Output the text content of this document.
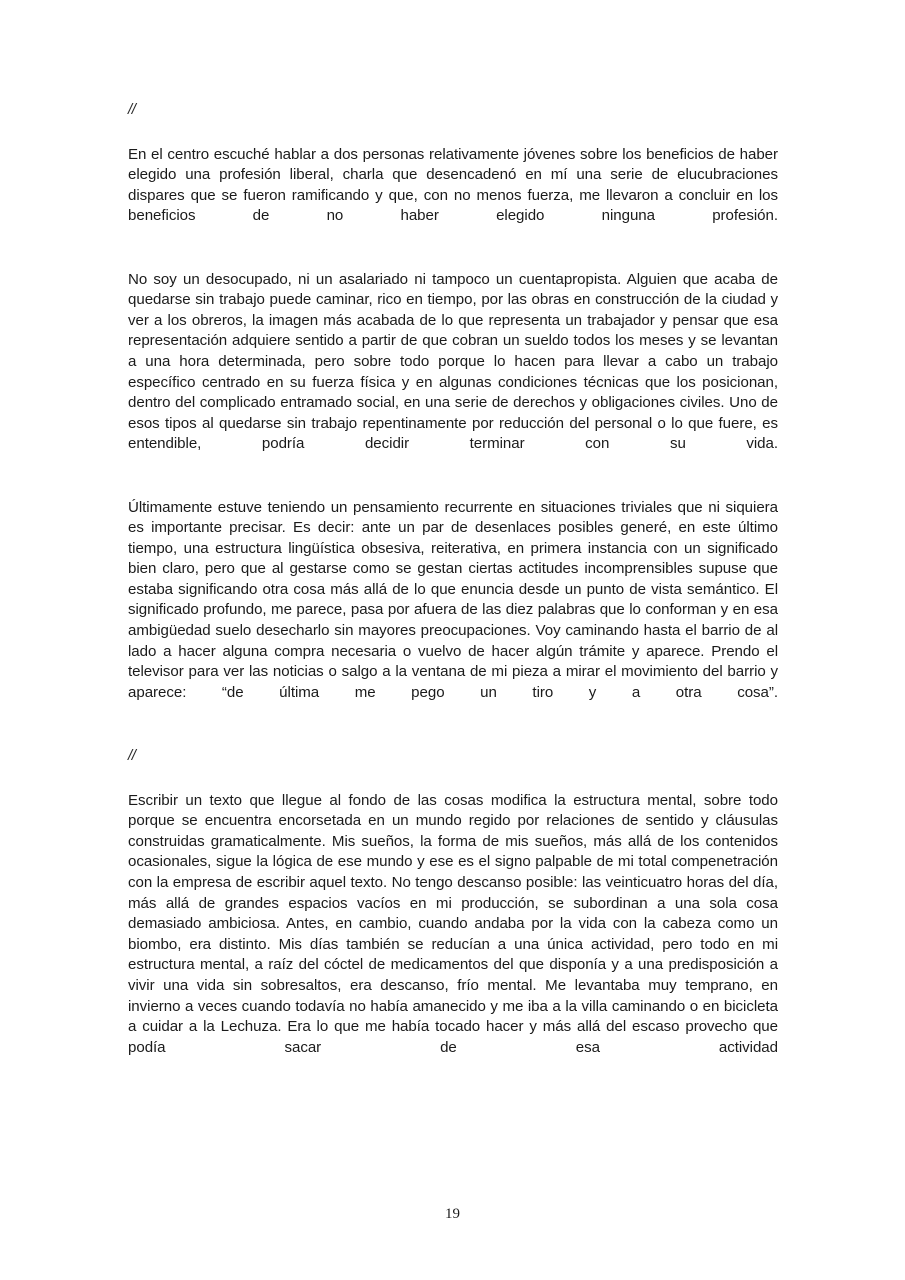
//

En el centro escuché hablar a dos personas relativamente jóvenes sobre los beneficios de haber elegido una profesión liberal, charla que desencadenó en mí una serie de elucubraciones dispares que se fueron ramificando y que, con no menos fuerza, me llevaron a concluir en los beneficios de no haber elegido ninguna profesión.

No soy un desocupado, ni un asalariado ni tampoco un cuentapropista. Alguien que acaba de quedarse sin trabajo puede caminar, rico en tiempo, por las obras en construcción de la ciudad y ver a los obreros, la imagen más acabada de lo que representa un trabajador y pensar que esa representación adquiere sentido a partir de que cobran un sueldo todos los meses y se levantan a una hora determinada, pero sobre todo porque lo hacen para llevar a cabo un trabajo específico centrado en su fuerza física y en algunas condiciones técnicas que los posicionan, dentro del complicado entramado social, en una serie de derechos y obligaciones civiles. Uno de esos tipos al quedarse sin trabajo repentinamente por reducción del personal o lo que fuere, es entendible, podría decidir terminar con su vida.

Últimamente estuve teniendo un pensamiento recurrente en situaciones triviales que ni siquiera es importante precisar. Es decir: ante un par de desenlaces posibles generé, en este último tiempo, una estructura lingüística obsesiva, reiterativa, en primera instancia con un significado bien claro, pero que al gestarse como se gestan ciertas actitudes incomprensibles supuse que estaba significando otra cosa más allá de lo que enuncia desde un punto de vista semántico. El significado profundo, me parece, pasa por afuera de las diez palabras que lo conforman y en esa ambigüedad suelo desecharlo sin mayores preocupaciones. Voy caminando hasta el barrio de al lado a hacer alguna compra necesaria o vuelvo de hacer algún trámite y aparece. Prendo el televisor para ver las noticias o salgo a la ventana de mi pieza a mirar el movimiento del barrio y aparece: “de última me pego un tiro y a otra cosa”.

//

Escribir un texto que llegue al fondo de las cosas modifica la estructura mental, sobre todo porque se encuentra encorsetada en un mundo regido por relaciones de sentido y cláusulas construidas gramaticalmente. Mis sueños, la forma de mis sueños, más allá de los contenidos ocasionales, sigue la lógica de ese mundo y ese es el signo palpable de mi total compenetración con la empresa de escribir aquel texto. No tengo descanso posible: las veinticuatro horas del día, más allá de grandes espacios vacíos en mi producción, se subordinan a una sola cosa demasiado ambiciosa. Antes, en cambio, cuando andaba por la vida con la cabeza como un biombo, era distinto. Mis días también se reducían a una única actividad, pero todo en mi estructura mental, a raíz del cóctel de medicamentos del que disponía y a una predisposición a vivir una vida sin sobresaltos, era descanso, frío mental. Me levantaba muy temprano, en invierno a veces cuando todavía no había amanecido y me iba a la villa caminando o en bicicleta a cuidar a la Lechuza. Era lo que me había tocado hacer y más allá del escaso provecho que podía sacar de esa actividad

19
